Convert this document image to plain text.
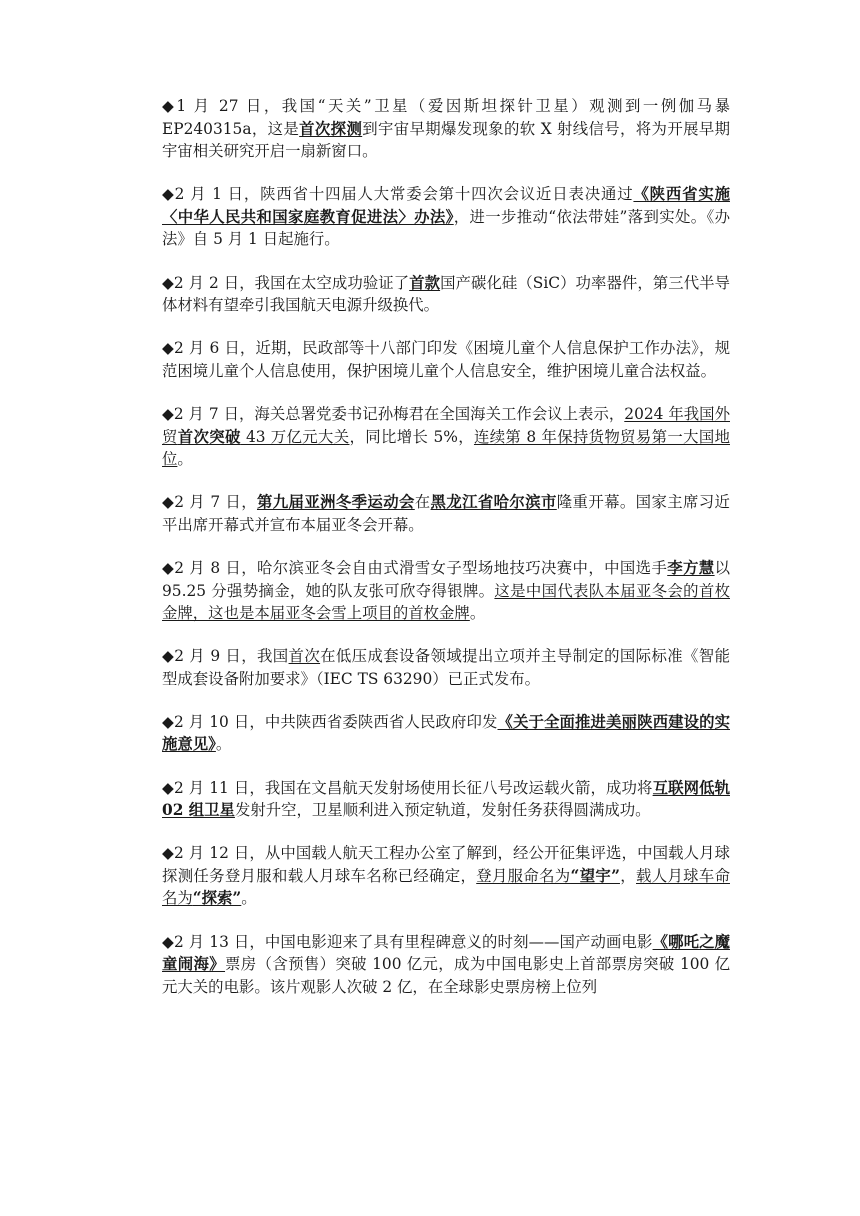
◆1 月 27 日，我国“天关”卫星（爱因斯坦探针卫星）观测到一例伽马暴 EP240315a，这是首次探测到宇宙早期爆发现象的软 X 射线信号，将为开展早期宇宙相关研究开启一扇新窗口。

◆2 月 1 日，陕西省十四届人大常委会第十四次会议近日表决通过《陕西省实施〈中华人民共和国家庭教育促进法〉办法》，进一步推动“依法带娃”落到实处。《办法》自 5 月 1 日起施行。

◆2 月 2 日，我国在太空成功验证了首款国产碳化硅（SiC）功率器件，第三代半导体材料有望牵引我国航天电源升级换代。

◆2 月 6 日，近期，民政部等十八部门印发《困境儿童个人信息保护工作办法》，规范困境儿童个人信息使用，保护困境儿童个人信息安全，维护困境儿童合法权益。

◆2 月 7 日，海关总署党委书记孙梅君在全国海关工作会议上表示，2024 年我国外贸首次突破 43 万亿元大关，同比增长 5%，连续第 8 年保持货物贸易第一大国地位。

◆2 月 7 日，第九届亚洲冬季运动会在黑龙江省哈尔滨市隆重开幕。国家主席习近平出席开幕式并宣布本届亚冬会开幕。

◆2 月 8 日，哈尔滨亚冬会自由式滑雪女子型场地技巧决赛中，中国选手李方慧以 95.25 分强势摘金，她的队友张可欣夺得银牌。这是中国代表队本届亚冬会的首枚金牌，这也是本届亚冬会雪上项目的首枚金牌。

◆2 月 9 日，我国首次在低压成套设备领域提出立项并主导制定的国际标准《智能型成套设备附加要求》（IEC TS 63290）已正式发布。

◆2 月 10 日，中共陕西省委陕西省人民政府印发《关于全面推进美丽陕西建设的实施意见》。

◆2 月 11 日，我国在文昌航天发射场使用长征八号改运载火箭，成功将互联网低轨 02 组卫星发射升空，卫星顺利进入预定轨道，发射任务获得圆满成功。

◆2 月 12 日，从中国载人航天工程办公室了解到，经公开征集评选，中国载人月球探测任务登月服和载人月球车名称已经确定，登月服命名为“望宇”，载人月球车命名为“探索”。

◆2 月 13 日，中国电影迎来了具有里程碑意义的时刻——国产动画电影《哪吒之魔童闹海》票房（含预售）突破 100 亿元，成为中国电影史上首部票房突破 100 亿元大关的电影。该片观影人次破 2 亿，在全球影史票房榜上位列
